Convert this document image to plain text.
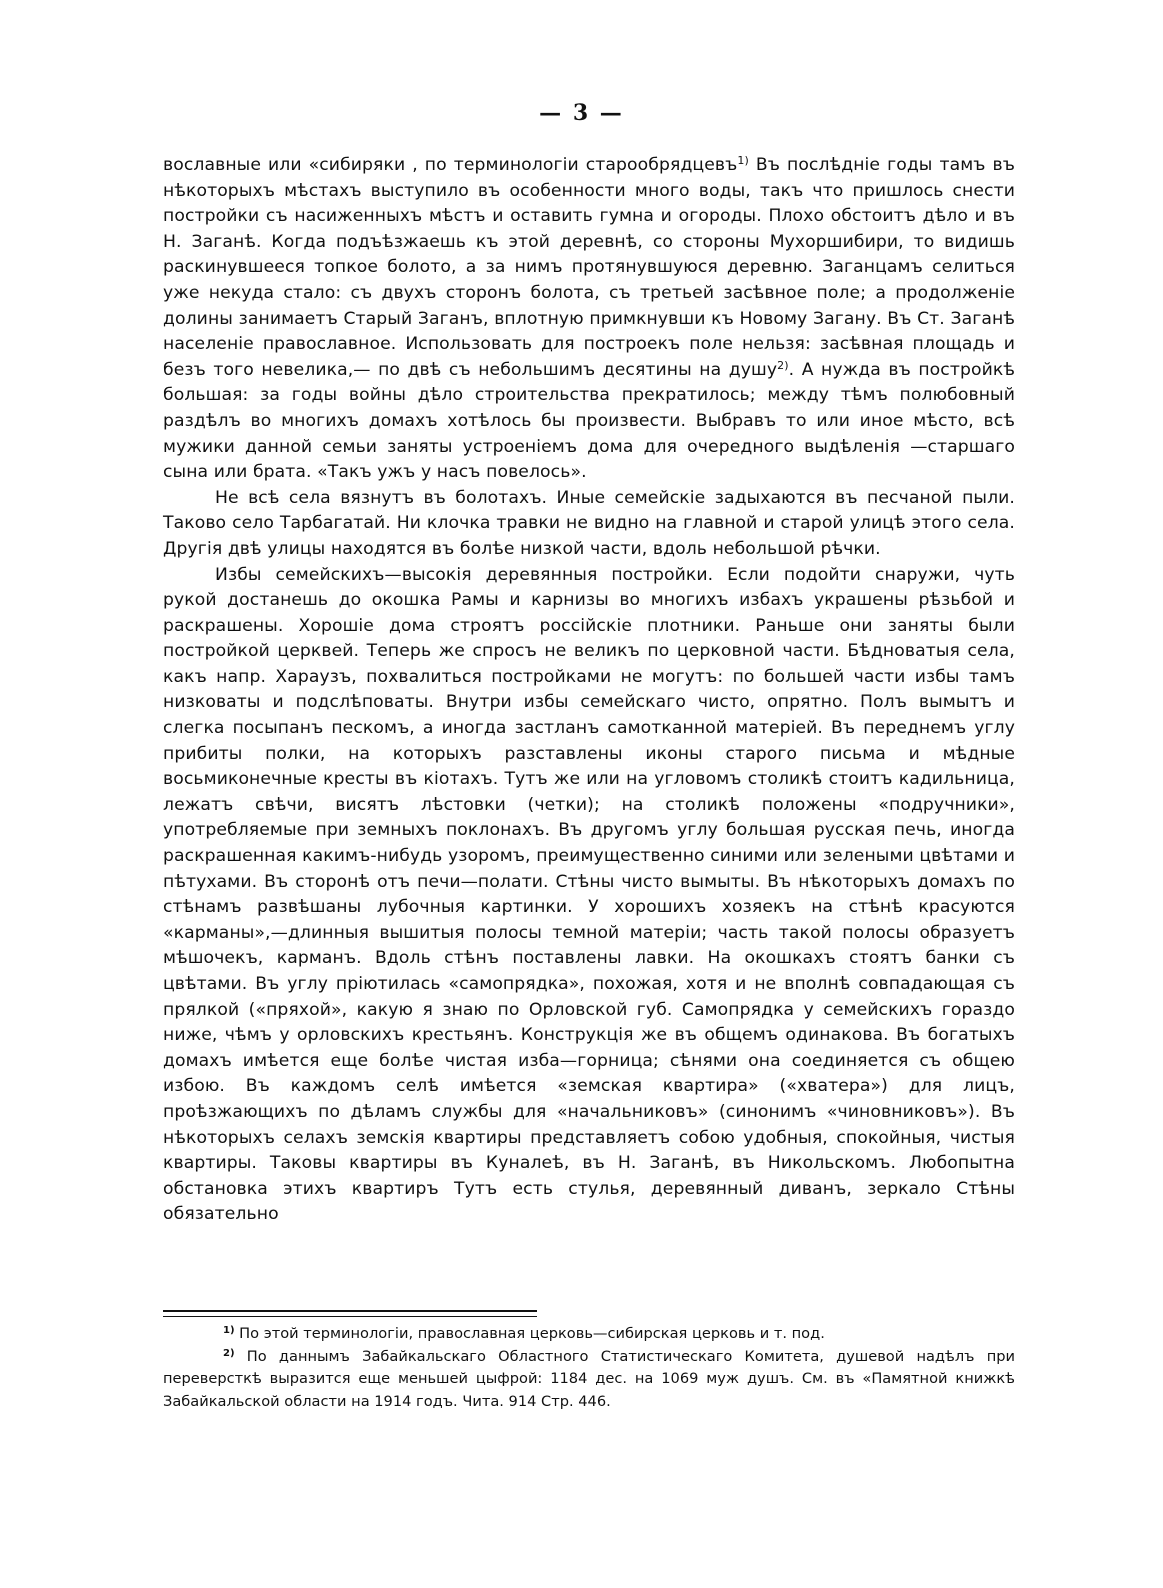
— 3 —

вославные или «сибиряки , по терминологіи старообрядцевъ$^{1)}$ Въ послѣдніе годы тамъ въ нѣкоторыхъ мѣстахъ выступило въ особенности много воды, такъ что пришлось снести постройки съ насиженныхъ мѣстъ и оставить гумна и огороды. Плохо обстоитъ дѣло и въ Н. Заганѣ. Когда подъѣзжаешь къ этой деревнѣ, со стороны Мухоршибири, то видишь раскинувшееся топкое болото, а за нимъ протянувшуюся деревню. Заганцамъ селиться уже некуда стало: съ двухъ сторонъ болота, съ третьей засѣвное поле; а продолженіе долины занимаетъ Старый Заганъ, вплотную примкнувши къ Новому Загану. Въ Ст. Заганѣ населеніе православное. Использовать для построекъ поле нельзя: засѣвная площадь и безъ того невелика,— по двѣ съ небольшимъ десятины на душу$^{2)}$. А нужда въ постройкѣ большая: за годы войны дѣло строительства прекратилось; между тѣмъ полюбовный раздѣлъ во многихъ домахъ хотѣлось бы произвести. Выбравъ то или иное мѣсто, всѣ мужики данной семьи заняты устроеніемъ дома для очередного выдѣленія —старшаго сына или брата. «Такъ ужъ у насъ повелось».

Не всѣ села вязнутъ въ болотахъ. Иные семейскіе задыхаются въ песчаной пыли. Таково село Тарбагатай. Ни клочка травки не видно на главной и старой улицѣ этого села. Другія двѣ улицы находятся въ болѣе низкой части, вдоль небольшой рѣчки.

Избы семейскихъ—высокія деревянныя постройки. Если подойти снаружи, чуть рукой достанешь до окошка Рамы и карнизы во многихъ избахъ украшены рѣзьбой и раскрашены. Хорошіе дома строятъ россійскіе плотники. Раньше они заняты были постройкой церквей. Теперь же спросъ не великъ по церковной части. Бѣдноватыя села, какъ напр. Хараузъ, похвалиться постройками не могутъ: по большей части избы тамъ низковаты и подслѣповаты. Внутри избы семейскаго чисто, опрятно. Полъ вымытъ и слегка посыпанъ пескомъ, а иногда застланъ самотканной матеріей. Въ переднемъ углу прибиты полки, на которыхъ разставлены иконы старого письма и мѣдные восьмиконечные кресты въ кіотахъ. Тутъ же или на угловомъ столикѣ стоитъ кадильница, лежатъ свѣчи, висятъ лѣстовки (четки); на столикѣ положены «подручники», употребляемые при земныхъ поклонахъ. Въ другомъ углу большая русская печь, иногда раскрашенная какимъ-нибудь узоромъ, преимущественно синими или зелеными цвѣтами и пѣтухами. Въ сторонѣ отъ печи—полати. Стѣны чисто вымыты. Въ нѣкоторыхъ домахъ по стѣнамъ развѣшаны лубочныя картинки. У хорошихъ хозяекъ на стѣнѣ красуются «карманы»,—длинныя вышитыя полосы темной матеріи; часть такой полосы образуетъ мѣшочекъ, карманъ. Вдоль стѣнъ поставлены лавки. На окошкахъ стоятъ банки съ цвѣтами. Въ углу пріютилась «самопрядка», похожая, хотя и не вполнѣ совпадающая съ прялкой («пряхой», какую я знаю по Орловской губ. Самопрядка у семейскихъ гораздо ниже, чѣмъ у орловскихъ крестьянъ. Конструкція же въ общемъ одинакова. Въ богатыхъ домахъ имѣется еще болѣе чистая изба—горница; сѣнями она соединяется съ общею избою. Въ каждомъ селѣ имѣется «земская квартира» («хватера») для лицъ, проѣзжающихъ по дѣламъ службы для «начальниковъ» (синонимъ «чиновниковъ»). Въ нѣкоторыхъ селахъ земскія квартиры представляетъ собою удобныя, спокойныя, чистыя квартиры. Таковы квартиры въ Куналеѣ, въ Н. Заганѣ, въ Никольскомъ. Любопытна обстановка этихъ квартиръ Тутъ есть стулья, деревянный диванъ, зеркало Стѣны обязательно

$^{1)}$ По этой терминологіи, православная церковь—сибирская церковь и т. под.

$^{2)}$ По даннымъ Забайкальскаго Областного Статистическаго Комитета, душевой надѣлъ при переверсткѣ выразится еще меньшей цыфрой: 1184 дес. на 1069 муж душъ. См. въ «Памятной книжкѣ Забайкальской области на 1914 годъ. Чита. 914 Стр. 446.
